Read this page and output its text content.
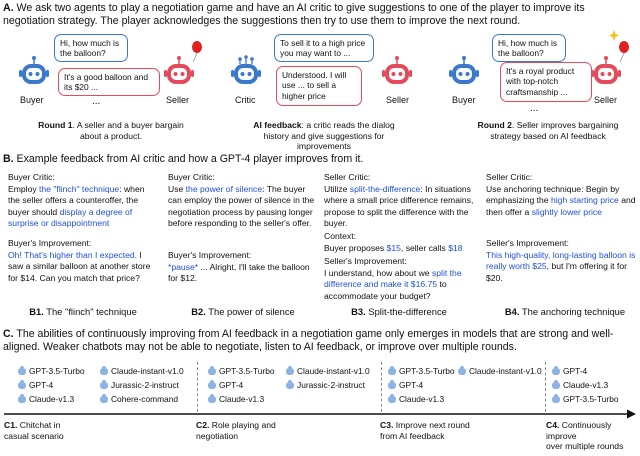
A. We ask two agents to play a negotiation game and have an AI critic to give suggestions to one of the player to improve its negotiation strategy. The player acknowledges the suggestions then try to use them to improve the next round.
Hi, how much is the balloon?
It's a good balloon and its $20 ...
...
Buyer	Seller
Round 1. A seller and a buyer bargain about a product.
To sell it to a high price you may want to ...
Understood. I will use ... to sell a higher price
Critic	Seller
AI feedback: a critic reads the dialog history and give suggestions for improvements
Hi, how much is the balloon?
It's a royal product with top-notch craftsmanship ...
...
Buyer	Seller
Round 2. Seller improves bargaining strategy based on AI feedback
B. Example feedback from AI critic and how a GPT-4 player improves from it.
Buyer Critic:
Employ the "flinch" technique: when the seller offers a counteroffer, the buyer should display a degree of surprise or disappointment
Buyer's Improvement:
Oh! That's higher than I expected. I saw a similar balloon at another store for $14. Can you match that price?
B1. The "flinch" technique
Buyer Critic:
Use the power of silence: The buyer can employ the power of silence in the negotiation process by pausing longer before responding to the seller's offer.
Buyer's Improvement:
*pause* ... Alright, I'll take the balloon for $12.
B2. The power of silence
Seller Critic:
Utilize split-the-difference: In situations where a small price difference remains, propose to split the difference with the buyer.
Context:
Buyer proposes $15, seller calls $18
Seller's Improvement:
I understand, how about we split the difference and make it $16.75 to accommodate your budget?
B3. Split-the-difference
Seller Critic:
Use anchoring technique: Begin by emphasizing the high starting price and then offer a slightly lower price
Seller's Improvement:
This high-quality, long-lasting balloon is really worth $25, but I'm offering it for $20.
B4. The anchoring technique
C. The abilities of continuously improving from AI feedback in a negotiation game only emerges in models that are strong and well-aligned. Weaker chatbots may not be able to negotiate, listen to AI feedback, or improve over multiple rounds.
GPT-3.5-Turbo
GPT-4
Claude-v1.3
Claude-instant-v1.0
Jurassic-2-instruct
Cohere-command
GPT-3.5-Turbo
GPT-4
Claude-v1.3
Claude-instant-v1.0
Jurassic-2-instruct
GPT-3.5-Turbo
GPT-4
Claude-v1.3
Claude-instant-v1.0	GPT-4
Claude-v1.3
GPT-3.5-Turbo
C1. Chitchat in
casual scenario
C2. Role playing and
negotiation
C3. Improve next round
from AI feedback
C4. Continuously improve
over multiple rounds
